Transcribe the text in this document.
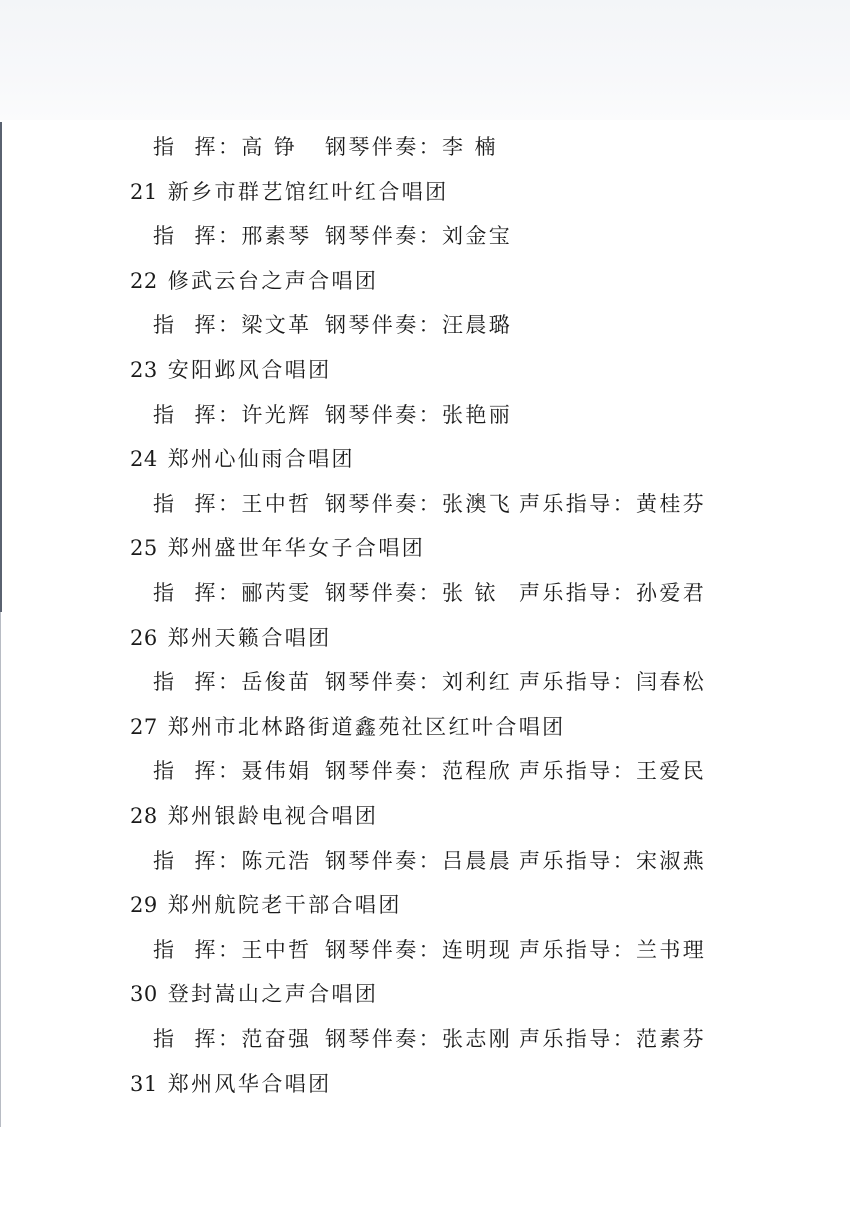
指  挥：高 铮 钢琴伴奏：李 楠
21 新乡市群艺馆红叶红合唱团
指  挥：邢素琴 钢琴伴奏：刘金宝
22 修武云台之声合唱团
指  挥：梁文革 钢琴伴奏：汪晨璐
23 安阳邺风合唱团
指  挥：许光辉 钢琴伴奏：张艳丽
24 郑州心仙雨合唱团
指  挥：王中哲 钢琴伴奏：张澳飞 声乐指导：黄桂芬
25 郑州盛世年华女子合唱团
指  挥：郦芮雯 钢琴伴奏：张 铱 声乐指导：孙爱君
26 郑州天籁合唱团
指  挥：岳俊苗 钢琴伴奏：刘利红 声乐指导：闫春松
27 郑州市北林路街道鑫苑社区红叶合唱团
指  挥：聂伟娟 钢琴伴奏：范程欣 声乐指导：王爱民
28 郑州银龄电视合唱团
指  挥：陈元浩 钢琴伴奏：吕晨晨 声乐指导：宋淑燕
29 郑州航院老干部合唱团
指  挥：王中哲 钢琴伴奏：连明现 声乐指导：兰书理
30 登封嵩山之声合唱团
指  挥：范奋强 钢琴伴奏：张志刚 声乐指导：范素芬
31 郑州风华合唱团
